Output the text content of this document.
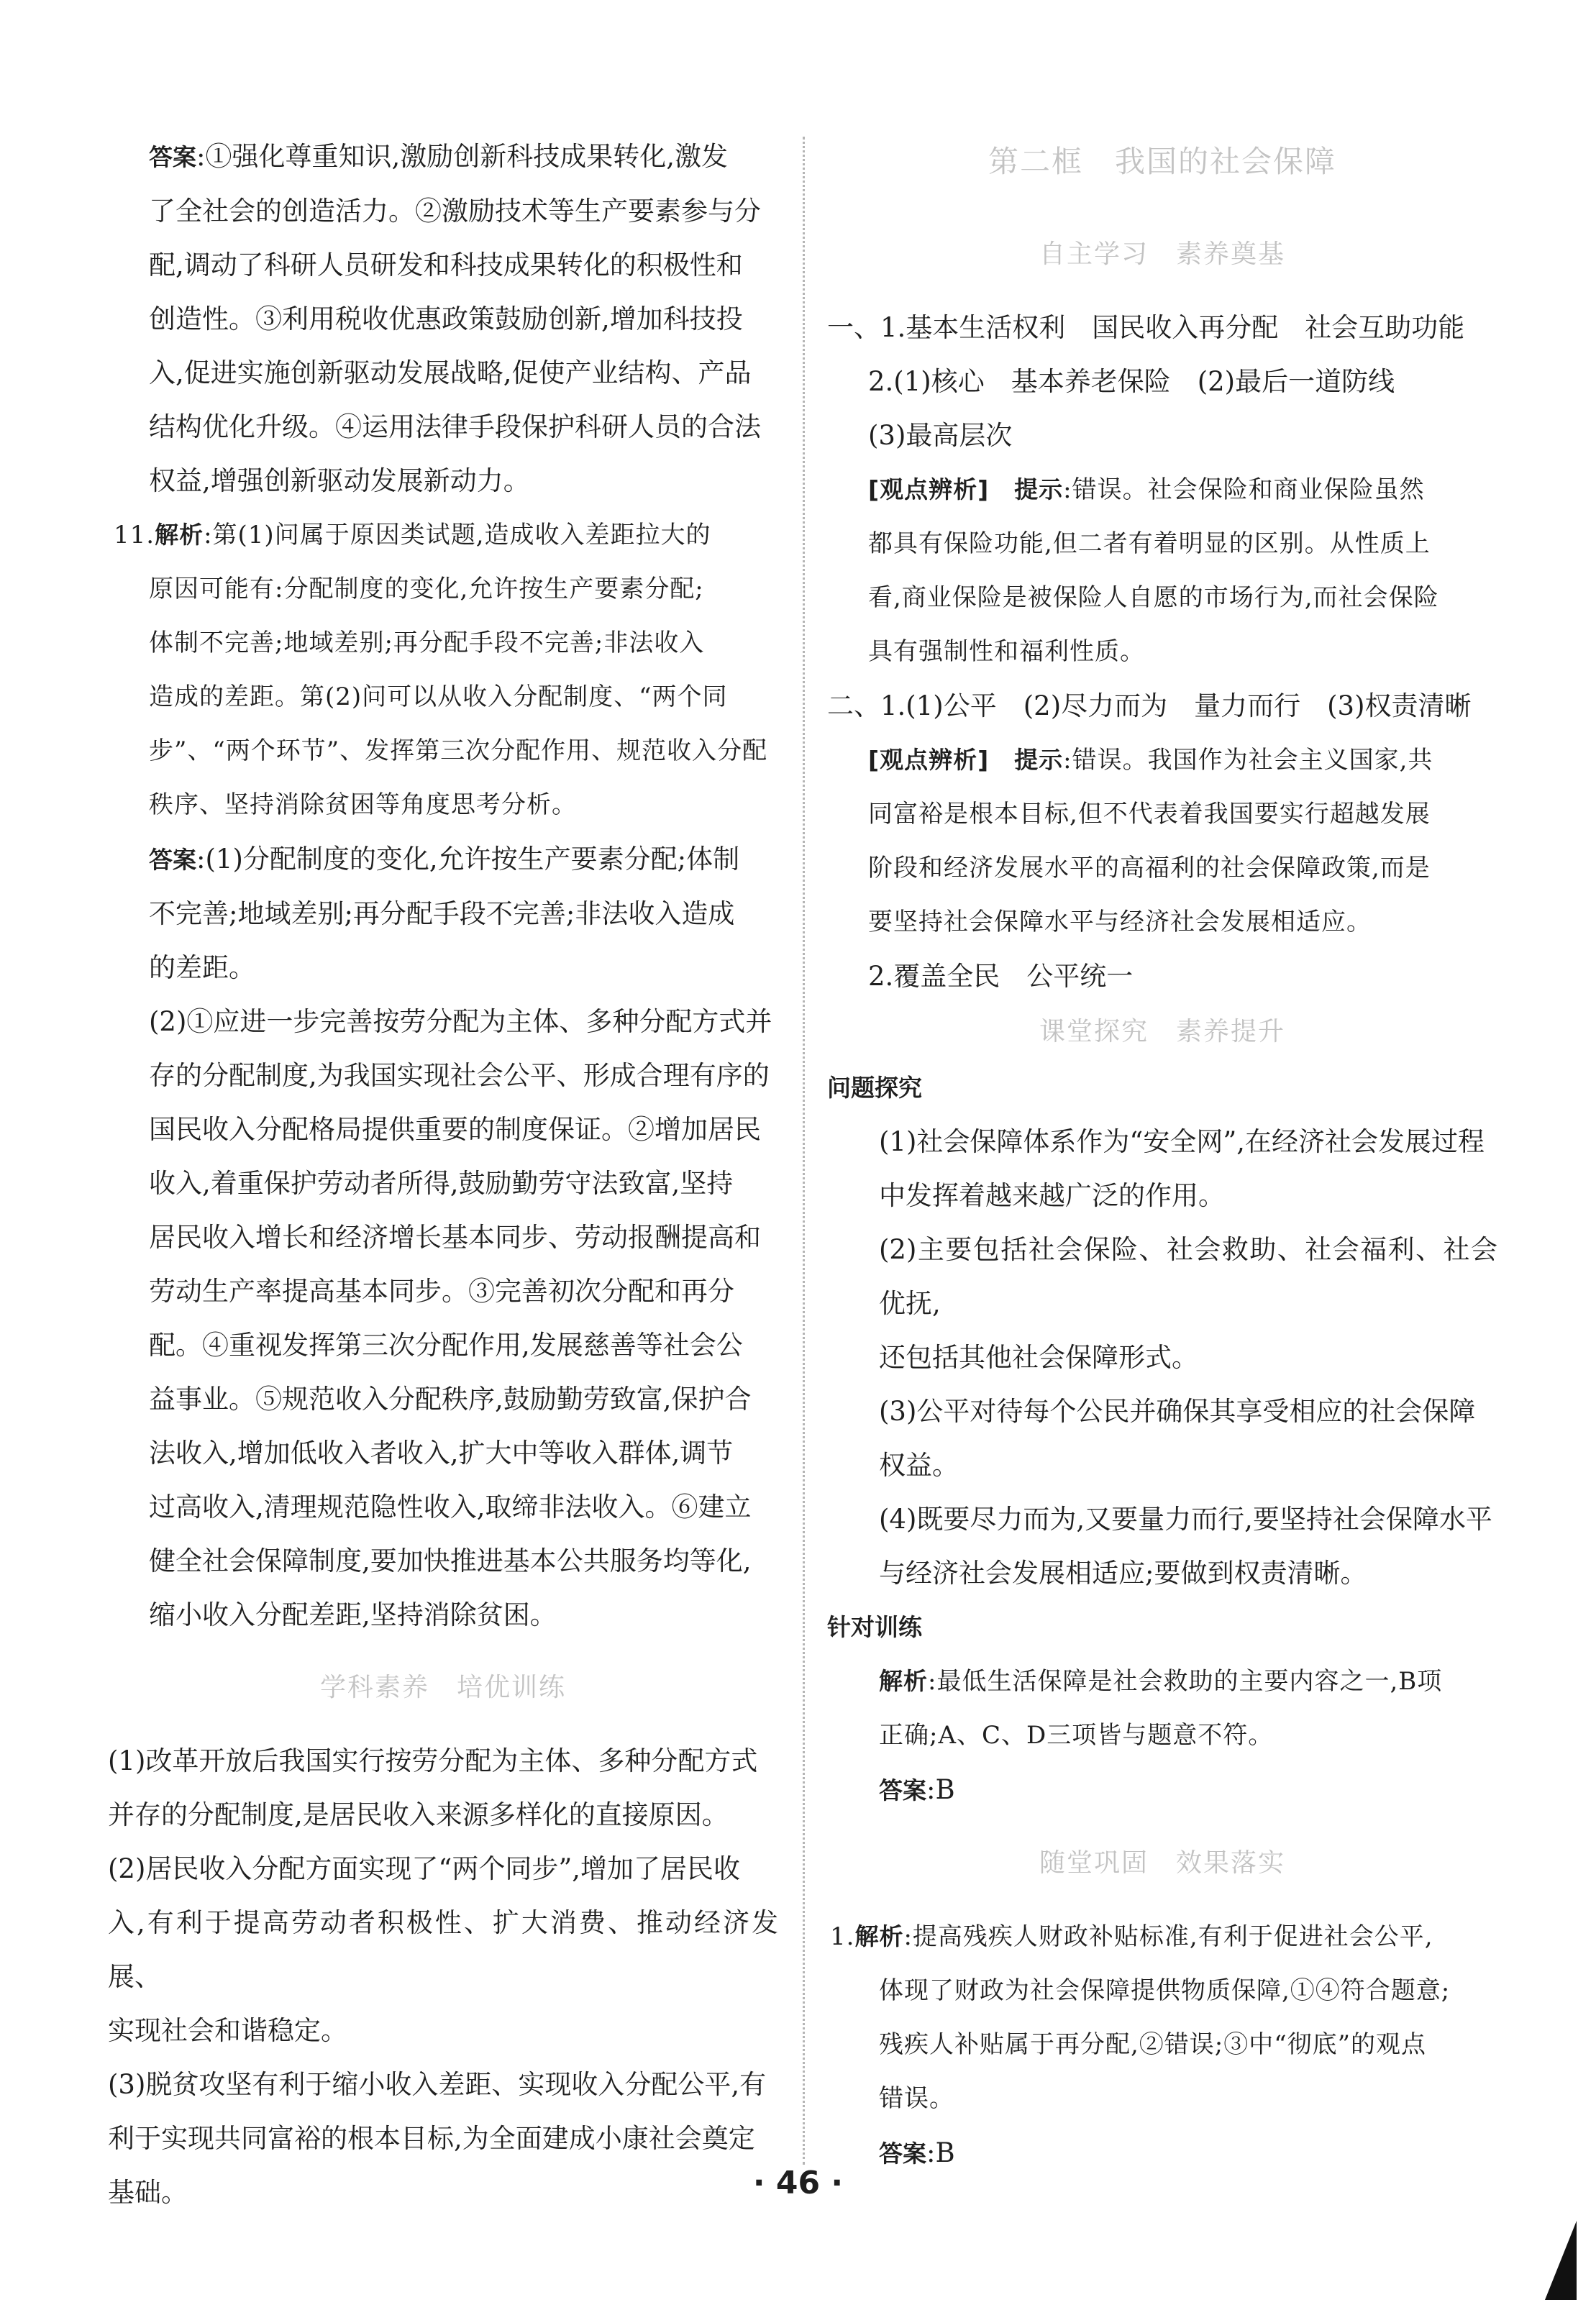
答案:①强化尊重知识,激励创新科技成果转化,激发

了全社会的创造活力。②激励技术等生产要素参与分

配,调动了科研人员研发和科技成果转化的积极性和

创造性。③利用税收优惠政策鼓励创新,增加科技投

入,促进实施创新驱动发展战略,促使产业结构、产品

结构优化升级。④运用法律手段保护科研人员的合法

权益,增强创新驱动发展新动力。

11.解析:第(1)问属于原因类试题,造成收入差距拉大的

原因可能有:分配制度的变化,允许按生产要素分配;

体制不完善;地域差别;再分配手段不完善;非法收入

造成的差距。第(2)问可以从收入分配制度、“两个同

步”、“两个环节”、发挥第三次分配作用、规范收入分配

秩序、坚持消除贫困等角度思考分析。

答案:(1)分配制度的变化,允许按生产要素分配;体制

不完善;地域差别;再分配手段不完善;非法收入造成

的差距。

(2)①应进一步完善按劳分配为主体、多种分配方式并

存的分配制度,为我国实现社会公平、形成合理有序的

国民收入分配格局提供重要的制度保证。②增加居民

收入,着重保护劳动者所得,鼓励勤劳守法致富,坚持

居民收入增长和经济增长基本同步、劳动报酬提高和

劳动生产率提高基本同步。③完善初次分配和再分

配。④重视发挥第三次分配作用,发展慈善等社会公

益事业。⑤规范收入分配秩序,鼓励勤劳致富,保护合

法收入,增加低收入者收入,扩大中等收入群体,调节

过高收入,清理规范隐性收入,取缔非法收入。⑥建立

健全社会保障制度,要加快推进基本公共服务均等化,

缩小收入分配差距,坚持消除贫困。

学科素养　培优训练

(1)改革开放后我国实行按劳分配为主体、多种分配方式

并存的分配制度,是居民收入来源多样化的直接原因。

(2)居民收入分配方面实现了“两个同步”,增加了居民收

入,有利于提高劳动者积极性、扩大消费、推动经济发展、

实现社会和谐稳定。

(3)脱贫攻坚有利于缩小收入差距、实现收入分配公平,有

利于实现共同富裕的根本目标,为全面建成小康社会奠定

基础。

第二框　我国的社会保障

自主学习　素养奠基

一、1.基本生活权利　国民收入再分配　社会互助功能

2.(1)核心　基本养老保险　(2)最后一道防线

(3)最高层次

[观点辨析]　 提示:错误。社会保险和商业保险虽然

都具有保险功能,但二者有着明显的区别。从性质上

看,商业保险是被保险人自愿的市场行为,而社会保险

具有强制性和福利性质。

二、1.(1)公平　(2)尽力而为　量力而行　(3)权责清晰

[观点辨析]　 提示:错误。我国作为社会主义国家,共

同富裕是根本目标,但不代表着我国要实行超越发展

阶段和经济发展水平的高福利的社会保障政策,而是

要坚持社会保障水平与经济社会发展相适应。

2.覆盖全民　公平统一

课堂探究　素养提升

问题探究

(1)社会保障体系作为“安全网”,在经济社会发展过程

中发挥着越来越广泛的作用。

(2)主要包括社会保险、社会救助、社会福利、社会优抚,

还包括其他社会保障形式。

(3)公平对待每个公民并确保其享受相应的社会保障

权益。

(4)既要尽力而为,又要量力而行,要坚持社会保障水平

与经济社会发展相适应;要做到权责清晰。

针对训练

解析:最低生活保障是社会救助的主要内容之一,B项

正确;A、C、D三项皆与题意不符。

答案:B

随堂巩固　效果落实

1.解析:提高残疾人财政补贴标准,有利于促进社会公平,

体现了财政为社会保障提供物质保障,①④符合题意;

残疾人补贴属于再分配,②错误;③中“彻底”的观点

错误。

答案:B

· 46 ·
